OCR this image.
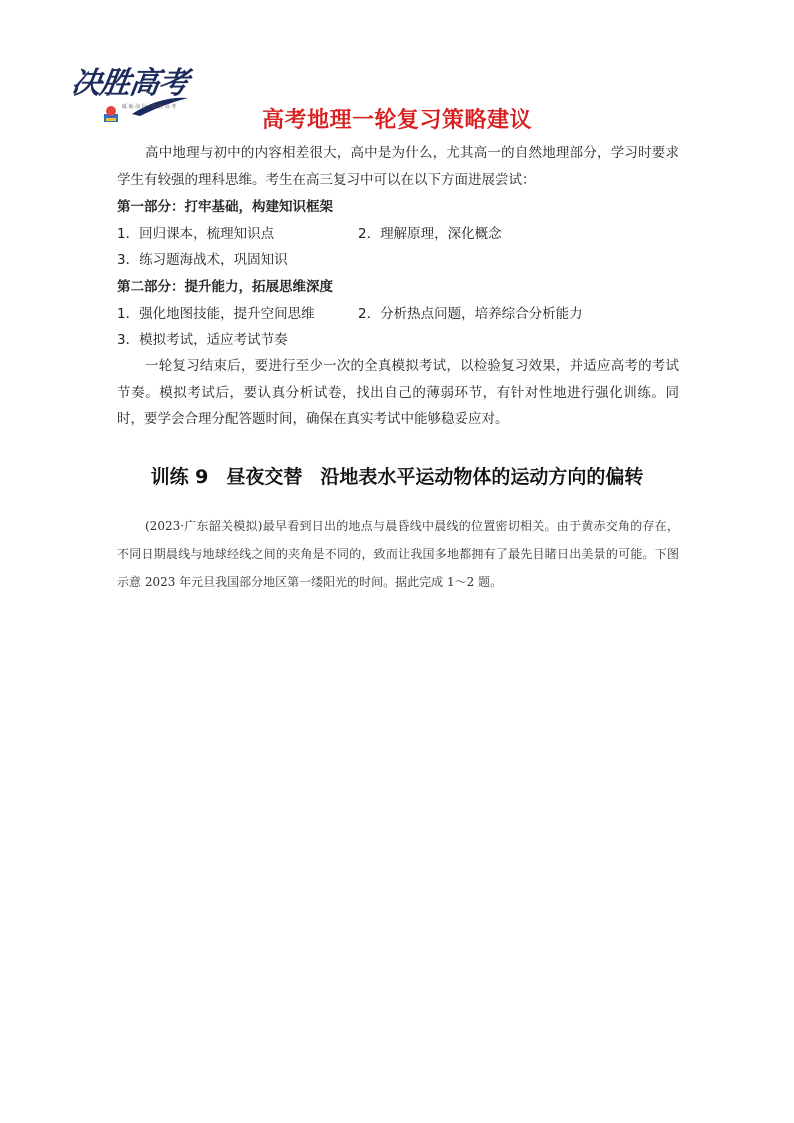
决胜高考
砥 砺 前 行 · 决 胜 高 考
高考地理一轮复习策略建议
高中地理与初中的内容相差很大，高中是为什么，尤其高一的自然地理部分，学习时要求学生有较强的理科思维。考生在高三复习中可以在以下方面进展尝试：
第一部分：打牢基础，构建知识框架
1．回归课本，梳理知识点	2．理解原理，深化概念
3．练习题海战术，巩固知识
第二部分：提升能力，拓展思维深度
1．强化地图技能，提升空间思维	2．分析热点问题，培养综合分析能力
3．模拟考试，适应考试节奏
一轮复习结束后，要进行至少一次的全真模拟考试，以检验复习效果，并适应高考的考试节奏。模拟考试后，要认真分析试卷，找出自己的薄弱环节，有针对性地进行强化训练。同时，要学会合理分配答题时间，确保在真实考试中能够稳妥应对。
训练 9 昼夜交替 沿地表水平运动物体的运动方向的偏转
(2023·广东韶关模拟)最早看到日出的地点与晨昏线中晨线的位置密切相关。由于黄赤交角的存在，不同日期晨线与地球经线之间的夹角是不同的，致而让我国多地都拥有了最先目睹日出美景的可能。下图示意 2023 年元旦我国部分地区第一缕阳光的时间。据此完成 1～2 题。
